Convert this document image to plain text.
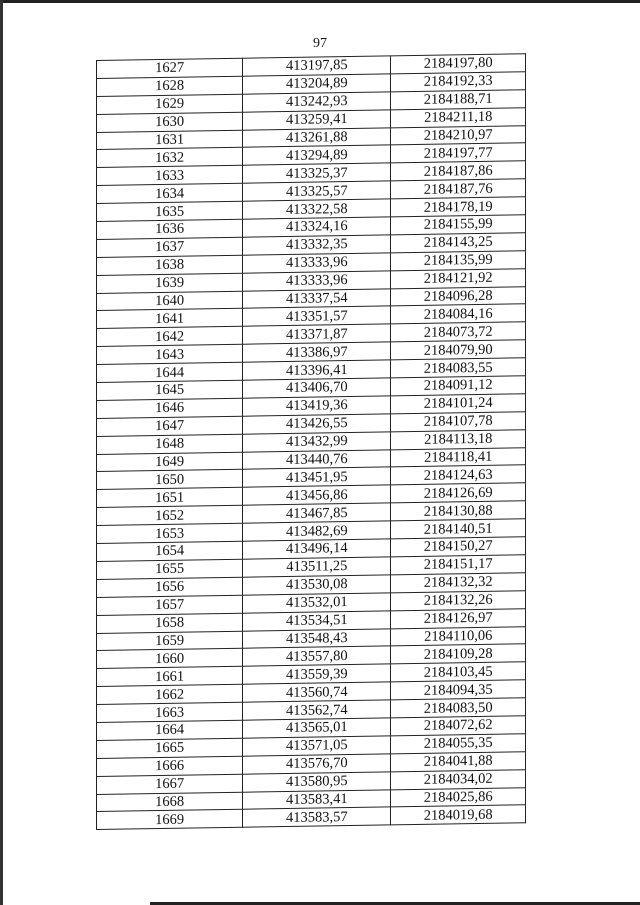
97
1627	413197,85	2184197,80
1628	413204,89	2184192,33
1629	413242,93	2184188,71
1630	413259,41	2184211,18
1631	413261,88	2184210,97
1632	413294,89	2184197,77
1633	413325,37	2184187,86
1634	413325,57	2184187,76
1635	413322,58	2184178,19
1636	413324,16	2184155,99
1637	413332,35	2184143,25
1638	413333,96	2184135,99
1639	413333,96	2184121,92
1640	413337,54	2184096,28
1641	413351,57	2184084,16
1642	413371,87	2184073,72
1643	413386,97	2184079,90
1644	413396,41	2184083,55
1645	413406,70	2184091,12
1646	413419,36	2184101,24
1647	413426,55	2184107,78
1648	413432,99	2184113,18
1649	413440,76	2184118,41
1650	413451,95	2184124,63
1651	413456,86	2184126,69
1652	413467,85	2184130,88
1653	413482,69	2184140,51
1654	413496,14	2184150,27
1655	413511,25	2184151,17
1656	413530,08	2184132,32
1657	413532,01	2184132,26
1658	413534,51	2184126,97
1659	413548,43	2184110,06
1660	413557,80	2184109,28
1661	413559,39	2184103,45
1662	413560,74	2184094,35
1663	413562,74	2184083,50
1664	413565,01	2184072,62
1665	413571,05	2184055,35
1666	413576,70	2184041,88
1667	413580,95	2184034,02
1668	413583,41	2184025,86
1669	413583,57	2184019,68
